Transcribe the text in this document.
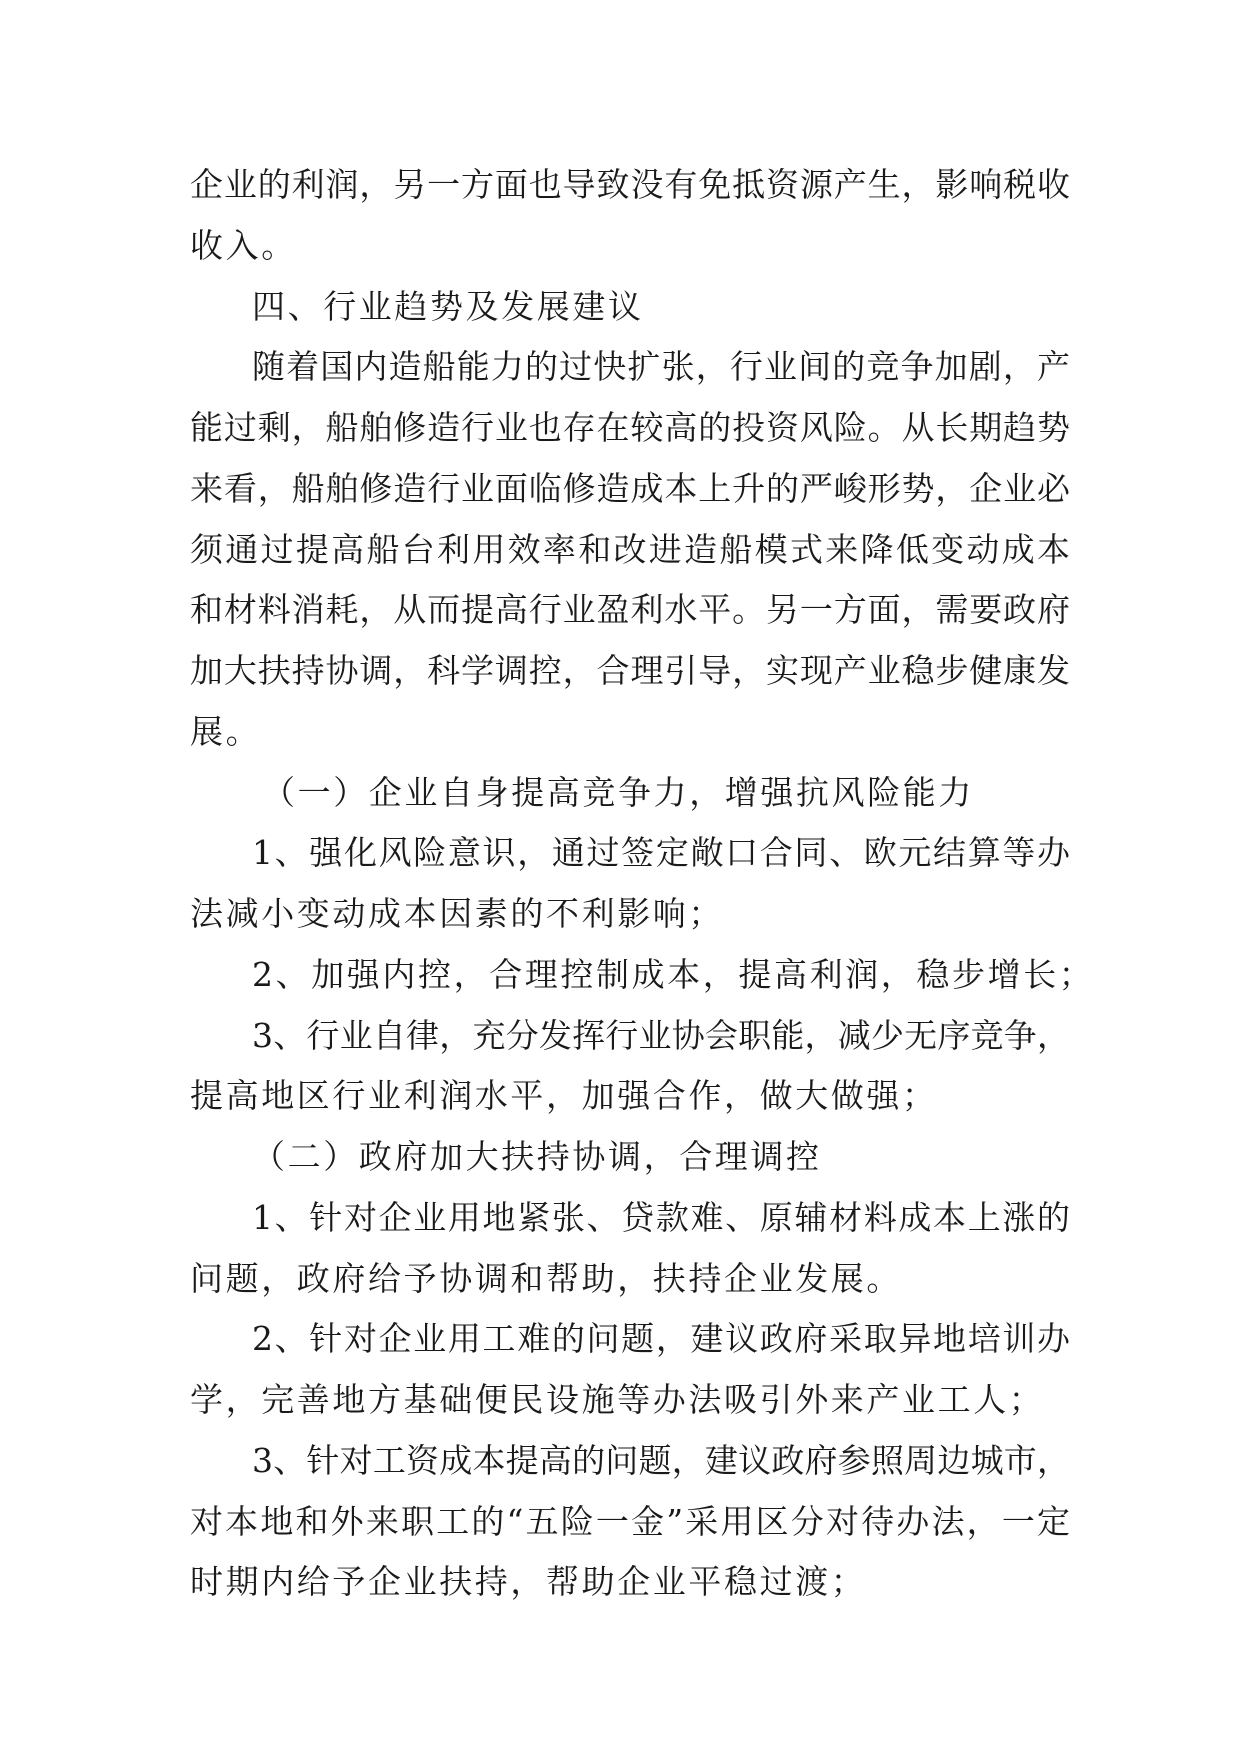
企业的利润，另一方面也导致没有免抵资源产生，影响税收
收入。
四、行业趋势及发展建议
随着国内造船能力的过快扩张，行业间的竞争加剧，产
能过剩，船舶修造行业也存在较高的投资风险。从长期趋势
来看，船舶修造行业面临修造成本上升的严峻形势，企业必
须通过提高船台利用效率和改进造船模式来降低变动成本
和材料消耗，从而提高行业盈利水平。另一方面，需要政府
加大扶持协调，科学调控，合理引导，实现产业稳步健康发
展。
（一）企业自身提高竞争力，增强抗风险能力
1、强化风险意识，通过签定敞口合同、欧元结算等办
法减小变动成本因素的不利影响；
2、加强内控，合理控制成本，提高利润，稳步增长；
3、行业自律，充分发挥行业协会职能，减少无序竞争，
提高地区行业利润水平，加强合作，做大做强；
（二）政府加大扶持协调，合理调控
1、针对企业用地紧张、贷款难、原辅材料成本上涨的
问题，政府给予协调和帮助，扶持企业发展。
2、针对企业用工难的问题，建议政府采取异地培训办
学，完善地方基础便民设施等办法吸引外来产业工人；
3、针对工资成本提高的问题，建议政府参照周边城市，
对本地和外来职工的“五险一金”采用区分对待办法，一定
时期内给予企业扶持，帮助企业平稳过渡；
